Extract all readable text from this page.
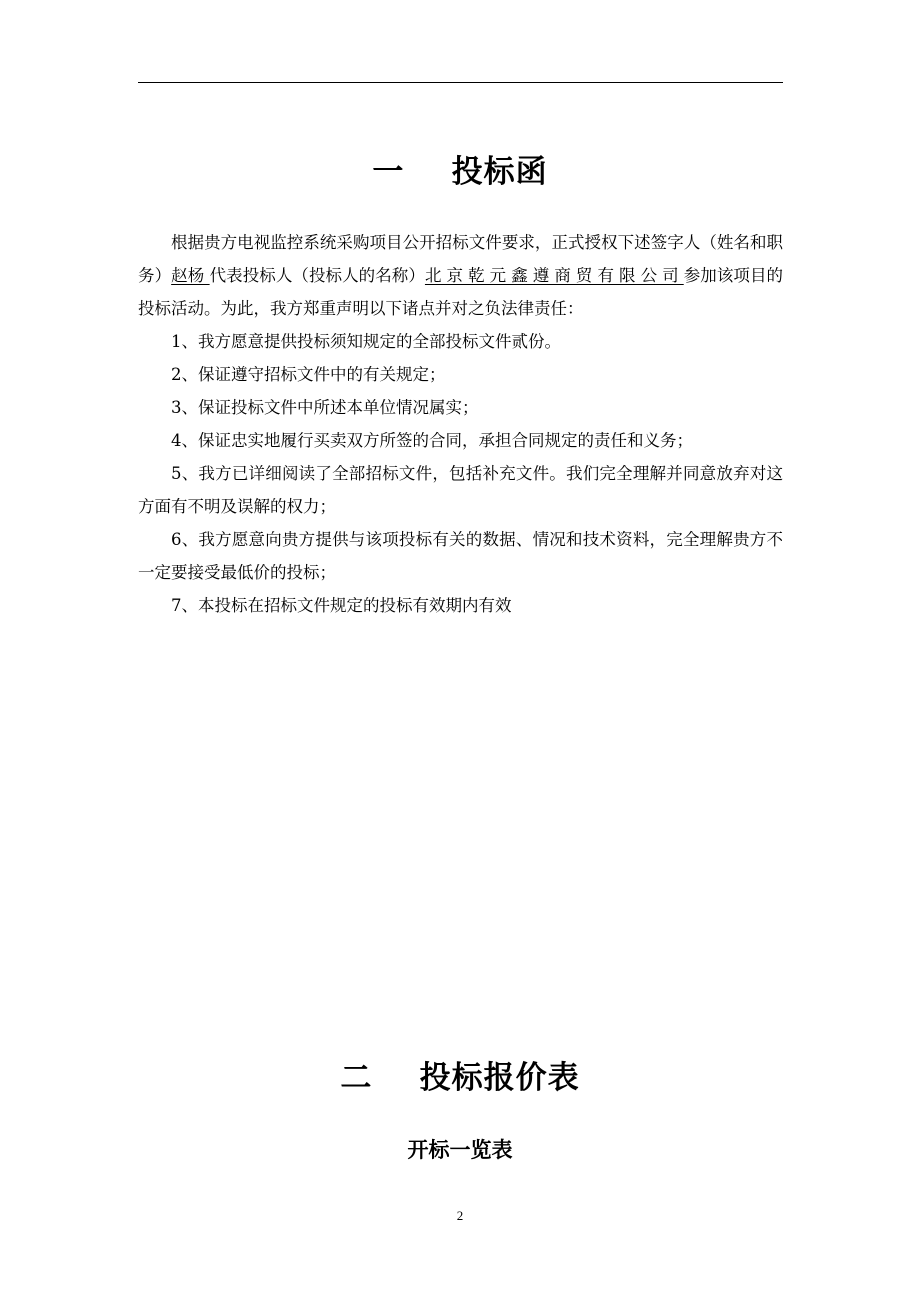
一    投标函

根据贵方电视监控系统采购项目公开招标文件要求，正式授权下述签字人（姓名和职务）赵杨 代表投标人（投标人的名称）北京乾元鑫遵商贸有限公司参加该项目的投标活动。为此，我方郑重声明以下诸点并对之负法律责任：

1、我方愿意提供投标须知规定的全部投标文件贰份。

2、保证遵守招标文件中的有关规定；

3、保证投标文件中所述本单位情况属实；

4、保证忠实地履行买卖双方所签的合同，承担合同规定的责任和义务；

5、我方已详细阅读了全部招标文件，包括补充文件。我们完全理解并同意放弃对这方面有不明及误解的权力；

6、我方愿意向贵方提供与该项投标有关的数据、情况和技术资料，完全理解贵方不一定要接受最低价的投标；

7、本投标在招标文件规定的投标有效期内有效

二    投标报价表
开标一览表
2
